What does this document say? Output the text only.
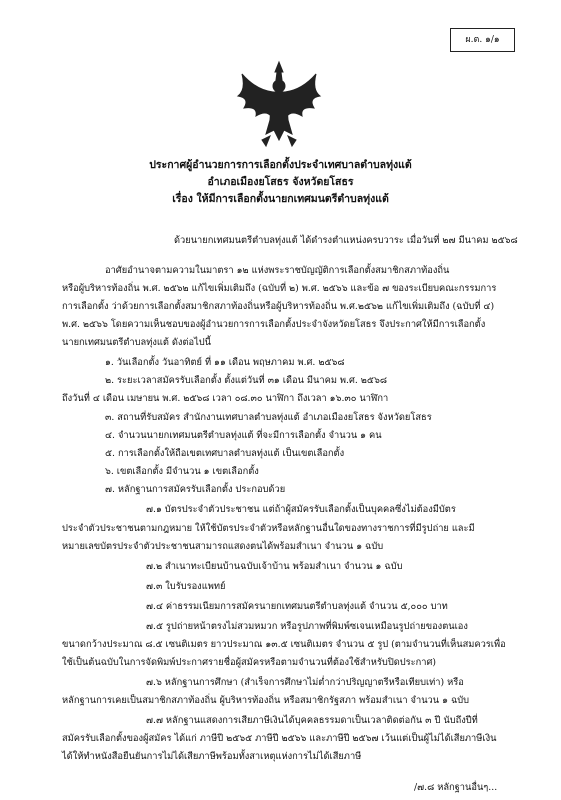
ผ.ต. ๑/๑
ประกาศผู้อำนวยการการเลือกตั้งประจำเทศบาลตำบลทุ่งแต้
อำเภอเมืองยโสธร จังหวัดยโสธร
เรื่อง ให้มีการเลือกตั้งนายกเทศมนตรีตำบลทุ่งแต้
ด้วยนายกเทศมนตรีตำบลทุ่งแต้ ได้ดำรงตำแหน่งครบวาระ เมื่อวันที่ ๒๗ มีนาคม ๒๕๖๘
อาศัยอำนาจตามความในมาตรา ๑๒ แห่งพระราชบัญญัติการเลือกตั้งสมาชิกสภาท้องถิ่น
หรือผู้บริหารท้องถิ่น พ.ศ. ๒๕๖๒ แก้ไขเพิ่มเติมถึง (ฉบับที่ ๒) พ.ศ. ๒๕๖๖ และข้อ ๗ ของระเบียบคณะกรรมการ
การเลือกตั้ง ว่าด้วยการเลือกตั้งสมาชิกสภาท้องถิ่นหรือผู้บริหารท้องถิ่น พ.ศ.๒๕๖๒ แก้ไขเพิ่มเติมถึง (ฉบับที่ ๔)
พ.ศ. ๒๕๖๖ โดยความเห็นชอบของผู้อำนวยการการเลือกตั้งประจำจังหวัดยโสธร จึงประกาศให้มีการเลือกตั้ง
นายกเทศมนตรีตำบลทุ่งแต้ ดังต่อไปนี้
๑. วันเลือกตั้ง วันอาทิตย์ ที่ ๑๑ เดือน พฤษภาคม พ.ศ. ๒๕๖๘
๒. ระยะเวลาสมัครรับเลือกตั้ง ตั้งแต่วันที่ ๓๑ เดือน มีนาคม พ.ศ. ๒๕๖๘
ถึงวันที่ ๔ เดือน เมษายน พ.ศ. ๒๕๖๘ เวลา ๐๘.๓๐ นาฬิกา ถึงเวลา ๑๖.๓๐ นาฬิกา
๓. สถานที่รับสมัคร สำนักงานเทศบาลตำบลทุ่งแต้ อำเภอเมืองยโสธร จังหวัดยโสธร
๔. จำนวนนายกเทศมนตรีตำบลทุ่งแต้ ที่จะมีการเลือกตั้ง จำนวน ๑ คน
๕. การเลือกตั้งให้ถือเขตเทศบาลตำบลทุ่งแต้ เป็นเขตเลือกตั้ง
๖. เขตเลือกตั้ง มีจำนวน ๑ เขตเลือกตั้ง
๗. หลักฐานการสมัครรับเลือกตั้ง ประกอบด้วย
๗.๑ บัตรประจำตัวประชาชน แต่ถ้าผู้สมัครรับเลือกตั้งเป็นบุคคลซึ่งไม่ต้องมีบัตร
ประจำตัวประชาชนตามกฎหมาย ให้ใช้บัตรประจำตัวหรือหลักฐานอื่นใดของทางราชการที่มีรูปถ่าย และมี
หมายเลขบัตรประจำตัวประชาชนสามารถแสดงตนได้พร้อมสำเนา จำนวน ๑ ฉบับ
๗.๒ สำเนาทะเบียนบ้านฉบับเจ้าบ้าน พร้อมสำเนา จำนวน ๑ ฉบับ
๗.๓ ใบรับรองแพทย์
๗.๔ ค่าธรรมเนียมการสมัครนายกเทศมนตรีตำบลทุ่งแต้ จำนวน ๕,๐๐๐ บาท
๗.๕ รูปถ่ายหน้าตรงไม่สวมหมวก หรือรูปภาพที่พิมพ์ซเจนเหมือนรูปถ่ายของตนเอง
ขนาดกว้างประมาณ ๘.๕ เซนติเมตร ยาวประมาณ ๑๓.๕ เซนติเมตร จำนวน ๕ รูป (ตามจำนวนที่เห็นสมควรเพื่อ
ใช้เป็นต้นฉบับในการจัดพิมพ์ประกาศรายชื่อผู้สมัครหรือตามจำนวนที่ต้องใช้สำหรับปิดประกาศ)
๗.๖ หลักฐานการศึกษา (สำเร็จการศึกษาไม่ต่ำกว่าปริญญาตรีหรือเทียบเท่า) หรือ
หลักฐานการเคยเป็นสมาชิกสภาท้องถิ่น ผู้บริหารท้องถิ่น หรือสมาชิกรัฐสภา พร้อมสำเนา จำนวน ๑ ฉบับ
๗.๗ หลักฐานแสดงการเสียภาษีเงินได้บุคคลธรรมดาเป็นเวลาติดต่อกัน ๓ ปี นับถึงปีที่
สมัครรับเลือกตั้งของผู้สมัคร ได้แก่ ภาษีปี ๒๕๖๕ ภาษีปี ๒๕๖๖ และภาษีปี ๒๕๖๗ เว้นแต่เป็นผู้ไม่ได้เสียภาษีเงิน
ได้ให้ทำหนังสือยืนยันการไม่ได้เสียภาษีพร้อมทั้งสาเหตุแห่งการไม่ได้เสียภาษี
/๗.๘ หลักฐานอื่นๆ...
